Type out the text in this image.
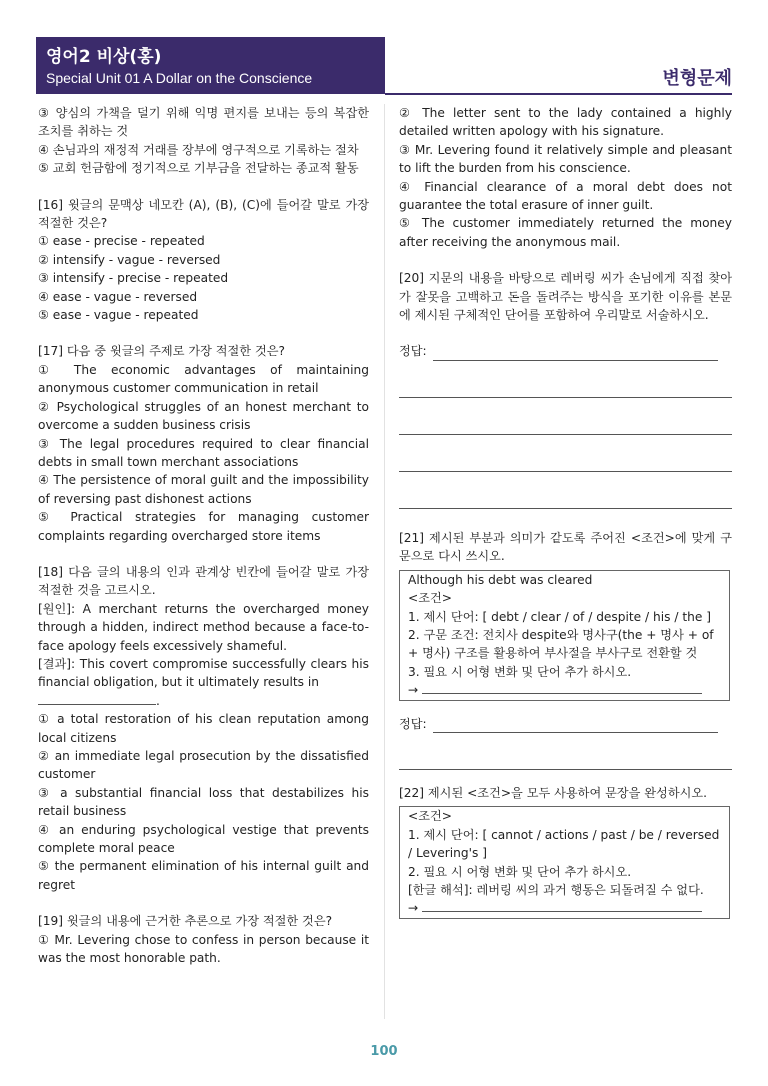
영어2 비상(홍)
Special Unit 01 A Dollar on the Conscience	변형문제

③ 양심의 가책을 덜기 위해 익명 편지를 보내는 등의 복잡한 조치를 취하는 것

④ 손님과의 재정적 거래를 장부에 영구적으로 기록하는 절차

⑤ 교회 헌금함에 정기적으로 기부금을 전달하는 종교적 활동

[16] 윗글의 문맥상 네모칸 (A), (B), (C)에 들어갈 말로 가장 적절한 것은?

① ease - precise - repeated

② intensify - vague - reversed

③ intensify - precise - repeated

④ ease - vague - reversed

⑤ ease - vague - repeated

[17] 다음 중 윗글의 주제로 가장 적절한 것은?

① The economic advantages of maintaining anonymous customer communication in retail

② Psychological struggles of an honest merchant to overcome a sudden business crisis

③ The legal procedures required to clear financial debts in small town merchant associations

④ The persistence of moral guilt and the impossibility of reversing past dishonest actions

⑤ Practical strategies for managing customer complaints regarding overcharged store items

[18] 다음 글의 내용의 인과 관계상 빈칸에 들어갈 말로 가장 적절한 것을 고르시오.

[원인]: A merchant returns the overcharged money through a hidden, indirect method because a face-to-face apology feels excessively shameful.

[결과]: This covert compromise successfully clears his financial obligation, but it ultimately results in

.

① a total restoration of his clean reputation among local citizens

② an immediate legal prosecution by the dissatisfied customer

③ a substantial financial loss that destabilizes his retail business

④ an enduring psychological vestige that prevents complete moral peace

⑤ the permanent elimination of his internal guilt and regret

[19] 윗글의 내용에 근거한 추론으로 가장 적절한 것은?

① Mr. Levering chose to confess in person because it was the most honorable path.

② The letter sent to the lady contained a highly detailed written apology with his signature.

③ Mr. Levering found it relatively simple and pleasant to lift the burden from his conscience.

④ Financial clearance of a moral debt does not guarantee the total erasure of inner guilt.

⑤ The customer immediately returned the money after receiving the anonymous mail.

[20] 지문의 내용을 바탕으로 레버링 씨가 손님에게 직접 찾아가 잘못을 고백하고 돈을 돌려주는 방식을 포기한 이유를 본문에 제시된 구체적인 단어를 포함하여 우리말로 서술하시오.

정답:

[21] 제시된 부분과 의미가 같도록 주어진 <조건>에 맞게 구문으로 다시 쓰시오.

Although his debt was cleared

<조건>

1. 제시 단어: [ debt / clear / of / despite / his / the ]

2. 구문 조건: 전치사 despite와 명사구(the + 명사 + of + 명사) 구조를 활용하여 부사절을 부사구로 전환할 것

3. 필요 시 어형 변화 및 단어 추가 하시오.

→

정답:

[22] 제시된 <조건>을 모두 사용하여 문장을 완성하시오.

<조건>

1. 제시 단어: [ cannot / actions / past / be / reversed / Levering's ]

2. 필요 시 어형 변화 및 단어 추가 하시오.

[한글 해석]: 레버링 씨의 과거 행동은 되돌려질 수 없다.

→

100
